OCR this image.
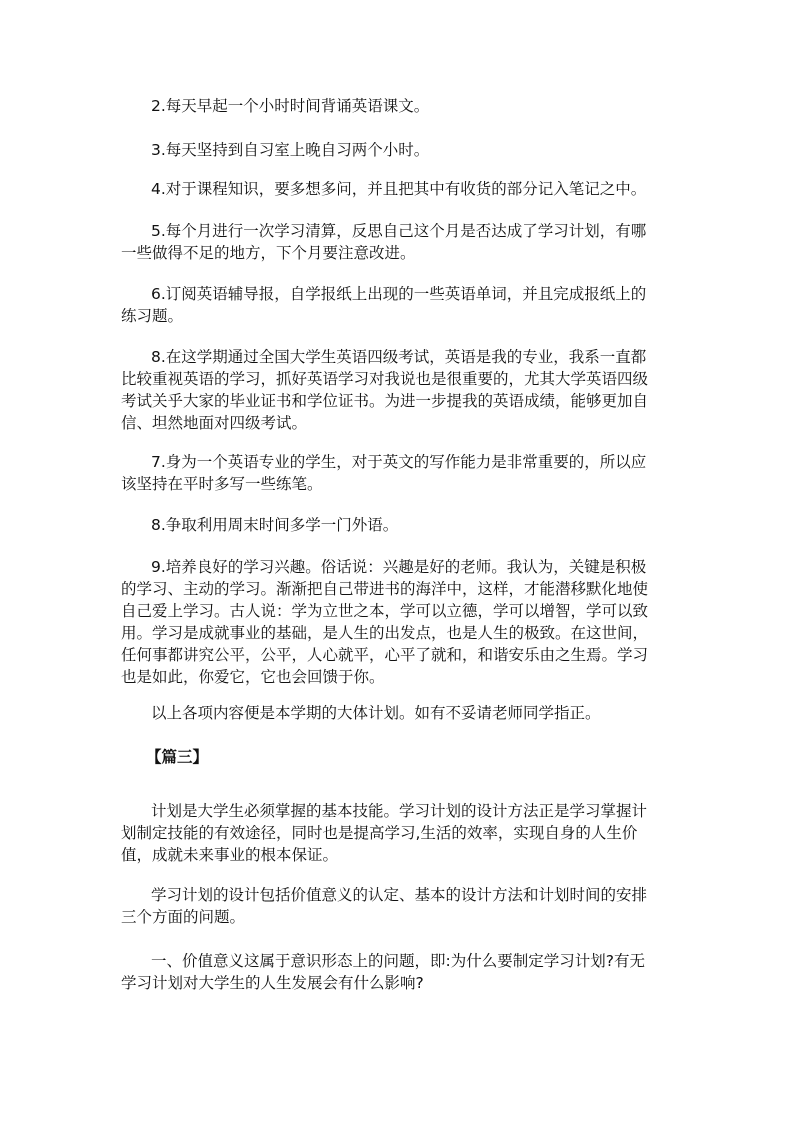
2.每天早起一个小时时间背诵英语课文。

3.每天坚持到自习室上晚自习两个小时。

4.对于课程知识，要多想多问，并且把其中有收货的部分记入笔记之中。

5.每个月进行一次学习清算，反思自己这个月是否达成了学习计划，有哪一些做得不足的地方，下个月要注意改进。

6.订阅英语辅导报，自学报纸上出现的一些英语单词，并且完成报纸上的练习题。

8.在这学期通过全国大学生英语四级考试，英语是我的专业，我系一直都比较重视英语的学习，抓好英语学习对我说也是很重要的，尤其大学英语四级考试关乎大家的毕业证书和学位证书。为进一步提我的英语成绩，能够更加自信、坦然地面对四级考试。

7.身为一个英语专业的学生，对于英文的写作能力是非常重要的，所以应该坚持在平时多写一些练笔。

8.争取利用周末时间多学一门外语。

9.培养良好的学习兴趣。俗话说：兴趣是好的老师。我认为，关键是积极的学习、主动的学习。渐渐把自己带进书的海洋中，这样，才能潜移默化地使自己爱上学习。古人说：学为立世之本，学可以立德，学可以增智，学可以致用。学习是成就事业的基础，是人生的出发点，也是人生的极致。在这世间，任何事都讲究公平，公平，人心就平，心平了就和，和谐安乐由之生焉。学习也是如此，你爱它，它也会回馈于你。

以上各项内容便是本学期的大体计划。如有不妥请老师同学指正。

【篇三】

计划是大学生必须掌握的基本技能。学习计划的设计方法正是学习掌握计划制定技能的有效途径，同时也是提高学习,生活的效率，实现自身的人生价值，成就未来事业的根本保证。

学习计划的设计包括价值意义的认定、基本的设计方法和计划时间的安排三个方面的问题。

一、价值意义这属于意识形态上的问题，即:为什么要制定学习计划?有无学习计划对大学生的人生发展会有什么影响?
